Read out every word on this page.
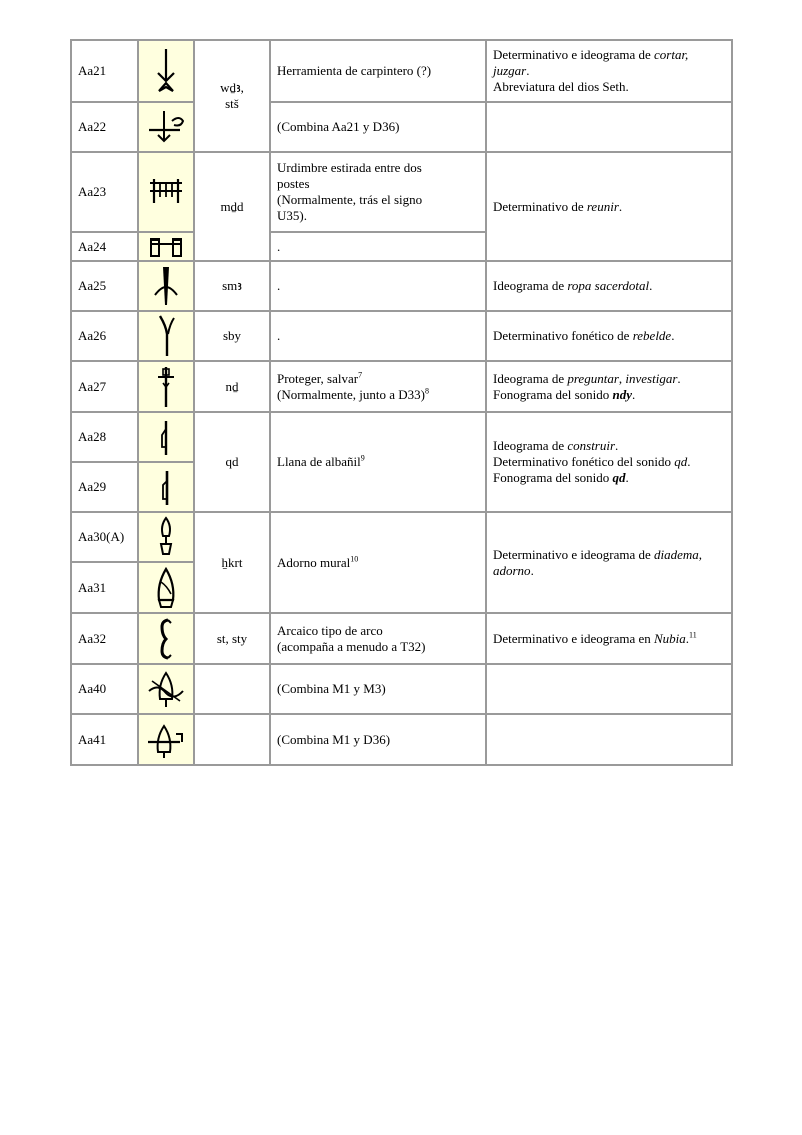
Aa21		wḏꜣ,
stš	Herramienta de carpintero (?)	Determinativo e ideograma de cortar,
juzgar.
Abreviatura del dios Seth.
Aa22			(Combina Aa21 y D36)	
Aa23		mḏd	Urdimbre estirada entre dos
postes
(Normalmente, trás el signo
U35).	Determinativo de reunir.
Aa24			.	
Aa25		smꜣ	.	Ideograma de ropa sacerdotal.
Aa26		sby	.	Determinativo fonético de rebelde.
Aa27		nḏ	Proteger, salvar$^7$
(Normalmente, junto a D33)$^8$	Ideograma de preguntar, investigar.
Fonograma del sonido ndy.
Aa28		qd	Llana de albañil$^9$	Ideograma de construir.
Determinativo fonético del sonido qd.
Fonograma del sonido qd.
Aa29	

Aa30(A)		ẖkrt	Adorno mural$^{10}$	Determinativo e ideograma de diadema,
adorno.
Aa31	

Aa32		st, sty	Arcaico tipo de arco
(acompaña a menudo a T32)	Determinativo e ideograma en Nubia.$^{11}$
Aa40			(Combina M1 y M3)	
Aa41			(Combina M1 y D36)	
